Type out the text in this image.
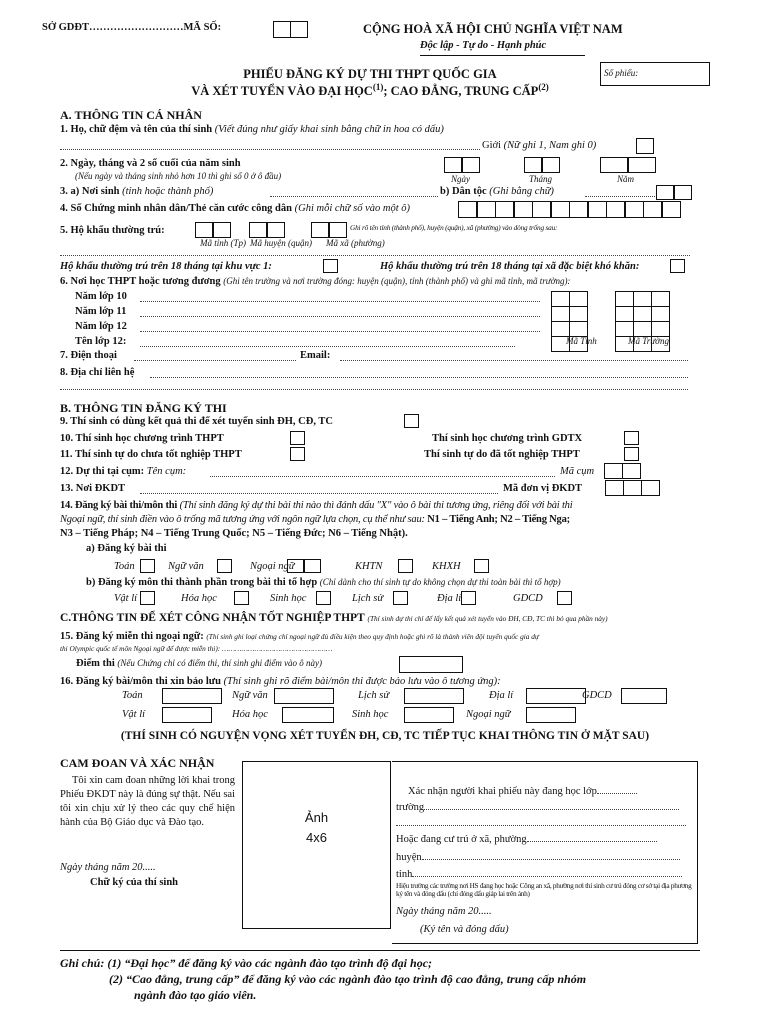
SỞ GDĐT………………………MÃ SỐ:	CỘNG HOÀ XÃ HỘI CHỦ NGHĨA VIỆT NAM
Độc lập - Tự do - Hạnh phúc
PHIẾU ĐĂNG KÝ DỰ THI THPT QUỐC GIA
VÀ XÉT TUYỂN VÀO ĐẠI HỌC$^{(1)}$; CAO ĐẲNG, TRUNG CẤP$^{(2)}$
Số phiếu:
A. THÔNG TIN CÁ NHÂN
1. Họ, chữ đệm và tên của thí sinh (Viết đúng như giấy khai sinh bằng chữ in hoa có dấu)
Giới (Nữ ghi 1, Nam ghi 0)
2. Ngày, tháng và 2 số cuối của năm sinh
(Nếu ngày và tháng sinh nhỏ hơn 10 thì ghi số 0 ở ô đầu)	Ngày	Tháng	Năm
3. a) Nơi sinh (tỉnh hoặc thành phố)	b) Dân tộc (Ghi bằng chữ)
4. Số Chứng minh nhân dân/Thẻ căn cước công dân (Ghi mỗi chữ số vào một ô)
5. Hộ khẩu thường trú:	Ghi rõ tên tỉnh (thành phố), huyện (quận), xã (phường) vào dòng trống sau:
Mã tỉnh (Tp) Mã huyện (quận) Mã xã (phường)
Hộ khẩu thường trú trên 18 tháng tại khu vực 1:	Hộ khẩu thường trú trên 18 tháng tại xã đặc biệt khó khăn:
6. Nơi học THPT hoặc tương đương (Ghi tên trường và nơi trường đóng: huyện (quận), tỉnh (thành phố) và ghi mã tỉnh, mã trường):
Năm lớp 10
Năm lớp 11
Năm lớp 12
Tên lớp 12:	Mã Tỉnh	Mã Trường
7. Điện thoại	Email:
8. Địa chỉ liên hệ
B. THÔNG TIN ĐĂNG KÝ THI
9. Thí sinh có dùng kết quả thi để xét tuyển sinh ĐH, CĐ, TC
10. Thí sinh học chương trình THPT	Thí sinh học chương trình GDTX
11. Thí sinh tự do chưa tốt nghiệp THPT	Thí sinh tự do đã tốt nghiệp THPT
12. Dự thi tại cụm: Tên cụm:	Mã cụm
13. Nơi ĐKDT	Mã đơn vị ĐKDT
14. Đăng ký bài thi/môn thi (Thí sinh đăng ký dự thi bài thi nào thì đánh dấu "X" vào ô bài thi tương ứng, riêng đối với bài thi
Ngoại ngữ, thí sinh điền vào ô trống mã tương ứng với ngôn ngữ lựa chọn, cụ thể như sau: N1 – Tiếng Anh; N2 – Tiếng Nga;
N3 – Tiếng Pháp; N4 – Tiếng Trung Quốc; N5 – Tiếng Đức; N6 – Tiếng Nhật).
a) Đăng ký bài thi
Toán	Ngữ văn	Ngoại ngữ	KHTN	KHXH
b) Đăng ký môn thi thành phần trong bài thi tổ hợp (Chỉ dành cho thí sinh tự do không chọn dự thi toàn bài thi tổ hợp)
Vật lí	Hóa học	Sinh học	Lịch sử	Địa lí	GDCD
C.THÔNG TIN ĐỂ XÉT CÔNG NHẬN TỐT NGHIỆP THPT (Thí sinh dự thi chỉ để lấy kết quả xét tuyển vào ĐH, CĐ, TC thì bỏ qua phần này)
15. Đăng ký miễn thi ngoại ngữ: (Thí sinh ghi loại chứng chỉ ngoại ngữ đủ điều kiện theo quy định hoặc ghi rõ là thành viên đội tuyển quốc gia dự
thi Olympic quốc tế môn Ngoại ngữ để được miễn thi): ……………………………………………
Điểm thi (Nếu Chứng chỉ có điểm thi, thí sinh ghi điểm vào ô này)
16. Đăng ký bài/môn thi xin bảo lưu (Thí sinh ghi rõ điểm bài/môn thi được bảo lưu vào ô tương ứng):
Toán	Ngữ văn	Lịch sử	Địa lí	GDCD
Vật lí	Hóa học	Sinh học	Ngoại ngữ
(THÍ SINH CÓ NGUYỆN VỌNG XÉT TUYỂN ĐH, CĐ, TC TIẾP TỤC KHAI THÔNG TIN Ở MẶT SAU)
CAM ĐOAN VÀ XÁC NHẬN
Tôi xin cam đoan những lời khai trong Phiếu ĐKDT này là đúng sự thật. Nếu sai tôi xin chịu xử lý theo các quy chế hiện hành của Bộ Giáo dục và Đào tạo.
Ngày tháng năm 20.....
Chữ ký của thí sinh
Ảnh
4x6
Xác nhận người khai phiếu này đang học lớp
trường
Hoặc đang cư trú ở xã, phường
huyện
tỉnh
Hiệu trưởng các trường nơi HS đang học hoặc Công an xã, phường nơi thí sinh cư trú đóng cơ sở tại địa phương ký tên và đóng dấu (chỉ đóng dấu giáp lai trên ảnh)
Ngày tháng năm 20.....
(Ký tên và đóng dấu)
Ghi chú: (1) “Đại học” để đăng ký vào các ngành đào tạo trình độ đại học;
(2) “Cao đẳng, trung cấp” để đăng ký vào các ngành đào tạo trình độ cao đẳng, trung cấp nhóm
ngành đào tạo giáo viên.
